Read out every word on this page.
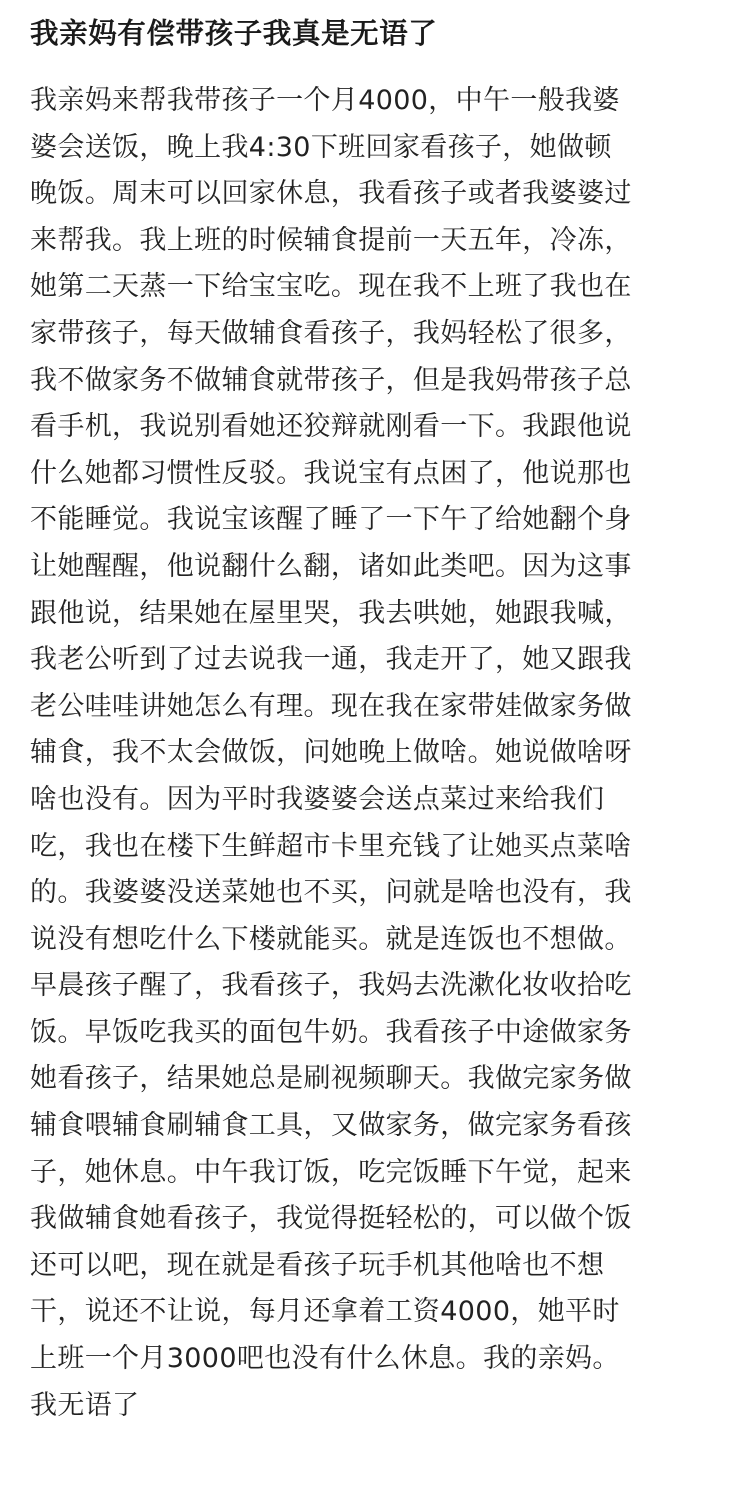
我亲妈有偿带孩子我真是无语了
我亲妈来帮我带孩子一个月4000，中午一般我婆
婆会送饭，晚上我4:30下班回家看孩子，她做顿
晚饭。周末可以回家休息，我看孩子或者我婆婆过
来帮我。我上班的时候辅食提前一天五年，冷冻，
她第二天蒸一下给宝宝吃。现在我不上班了我也在
家带孩子，每天做辅食看孩子，我妈轻松了很多，
我不做家务不做辅食就带孩子，但是我妈带孩子总
看手机，我说别看她还狡辩就刚看一下。我跟他说
什么她都习惯性反驳。我说宝有点困了，他说那也
不能睡觉。我说宝该醒了睡了一下午了给她翻个身
让她醒醒，他说翻什么翻，诸如此类吧。因为这事
跟他说，结果她在屋里哭，我去哄她，她跟我喊，
我老公听到了过去说我一通，我走开了，她又跟我
老公哇哇讲她怎么有理。现在我在家带娃做家务做
辅食，我不太会做饭，问她晚上做啥。她说做啥呀
啥也没有。因为平时我婆婆会送点菜过来给我们
吃，我也在楼下生鲜超市卡里充钱了让她买点菜啥
的。我婆婆没送菜她也不买，问就是啥也没有，我
说没有想吃什么下楼就能买。就是连饭也不想做。
早晨孩子醒了，我看孩子，我妈去洗漱化妆收拾吃
饭。早饭吃我买的面包牛奶。我看孩子中途做家务
她看孩子，结果她总是刷视频聊天。我做完家务做
辅食喂辅食刷辅食工具，又做家务，做完家务看孩
子，她休息。中午我订饭，吃完饭睡下午觉，起来
我做辅食她看孩子，我觉得挺轻松的，可以做个饭
还可以吧，现在就是看孩子玩手机其他啥也不想
干，说还不让说，每月还拿着工资4000，她平时
上班一个月3000吧也没有什么休息。我的亲妈。
我无语了
